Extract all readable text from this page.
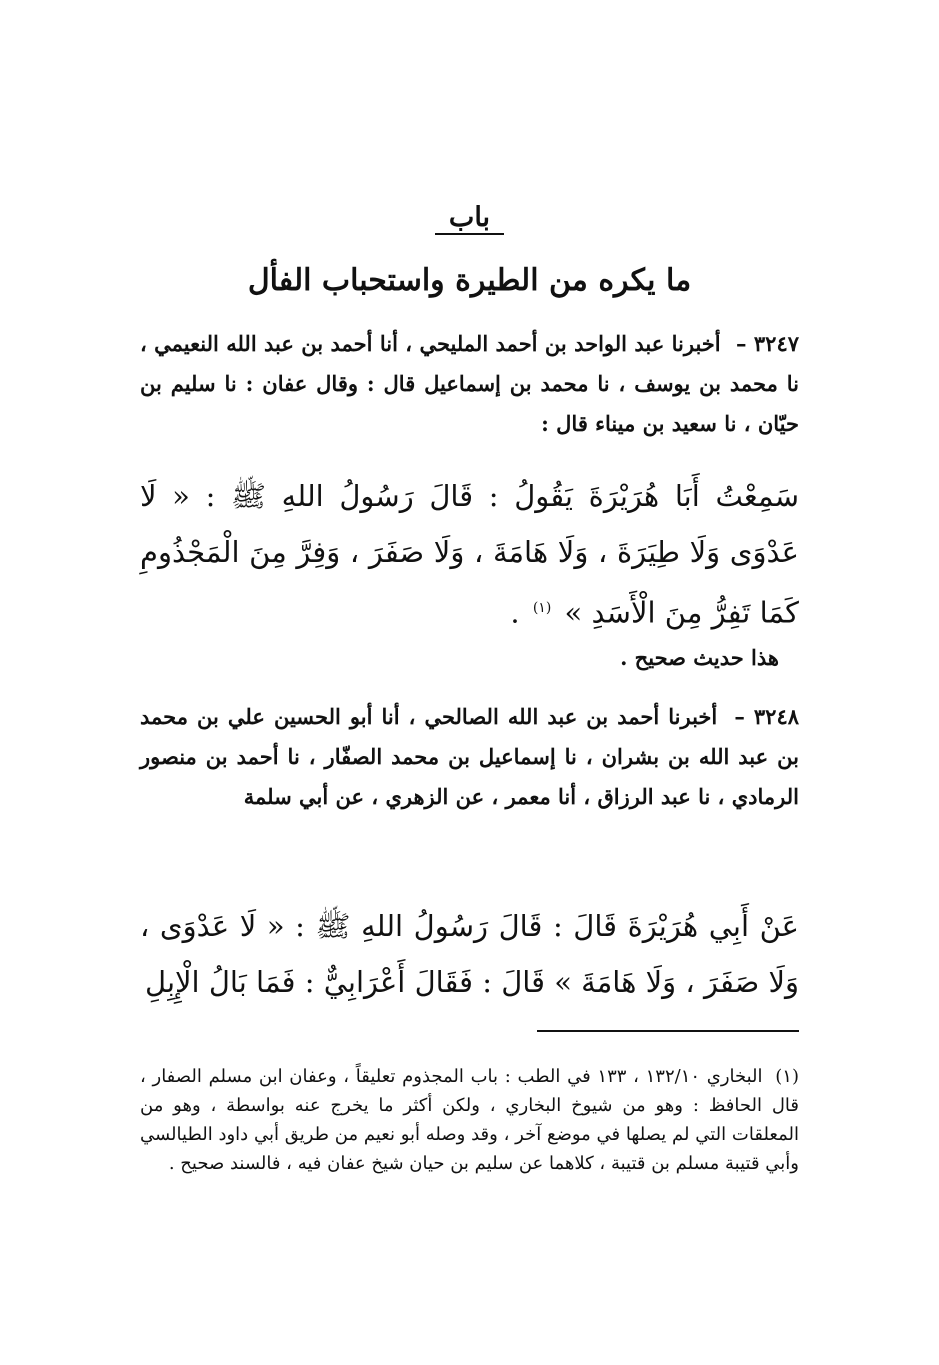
باب
ما يكره من الطيرة واستحباب الفأل

٣٢٤٧ – أخبرنا عبد الواحد بن أحمد المليحي ، أنا أحمد بن عبد الله النعيمي ، نا محمد بن يوسف ، نا محمد بن إسماعيل قال : وقال عفان : نا سليم بن حيّان ، نا سعيد بن ميناء قال :

سَمِعْتُ أَبَا هُرَيْرَةَ يَقُولُ : قَالَ رَسُولُ اللهِ ﷺ : « لَا عَدْوَى وَلَا طِيَرَةَ ، وَلَا هَامَةَ ، وَلَا صَفَرَ ، وَفِرَّ مِنَ الْمَجْذُومِ كَمَا تَفِرُّ مِنَ الْأَسَدِ » $^{(١)}$ .

هذا حديث صحيح .

٣٢٤٨ – أخبرنا أحمد بن عبد الله الصالحي ، أنا أبو الحسين علي بن محمد بن عبد الله بن بشران ، نا إسماعيل بن محمد الصفّار ، نا أحمد بن منصور الرمادي ، نا عبد الرزاق ، أنا معمر ، عن الزهري ، عن أبي سلمة

عَنْ أَبِي هُرَيْرَةَ قَالَ : قَالَ رَسُولُ اللهِ ﷺ : « لَا عَدْوَى ، وَلَا صَفَرَ ، وَلَا هَامَةَ » قَالَ : فَقَالَ أَعْرَابِيٌّ : فَمَا بَالُ الْإِبِلِ

(١) البخاري ١٣٢/١٠ ، ١٣٣ في الطب : باب المجذوم تعليقاً ، وعفان ابن مسلم الصفار ، قال الحافظ : وهو من شيوخ البخاري ، ولكن أكثر ما يخرج عنه بواسطة ، وهو من المعلقات التي لم يصلها في موضع آخر ، وقد وصله أبو نعيم من طريق أبي داود الطيالسي وأبي قتيبة مسلم بن قتيبة ، كلاهما عن سليم بن حيان شيخ عفان فيه ، فالسند صحيح .
